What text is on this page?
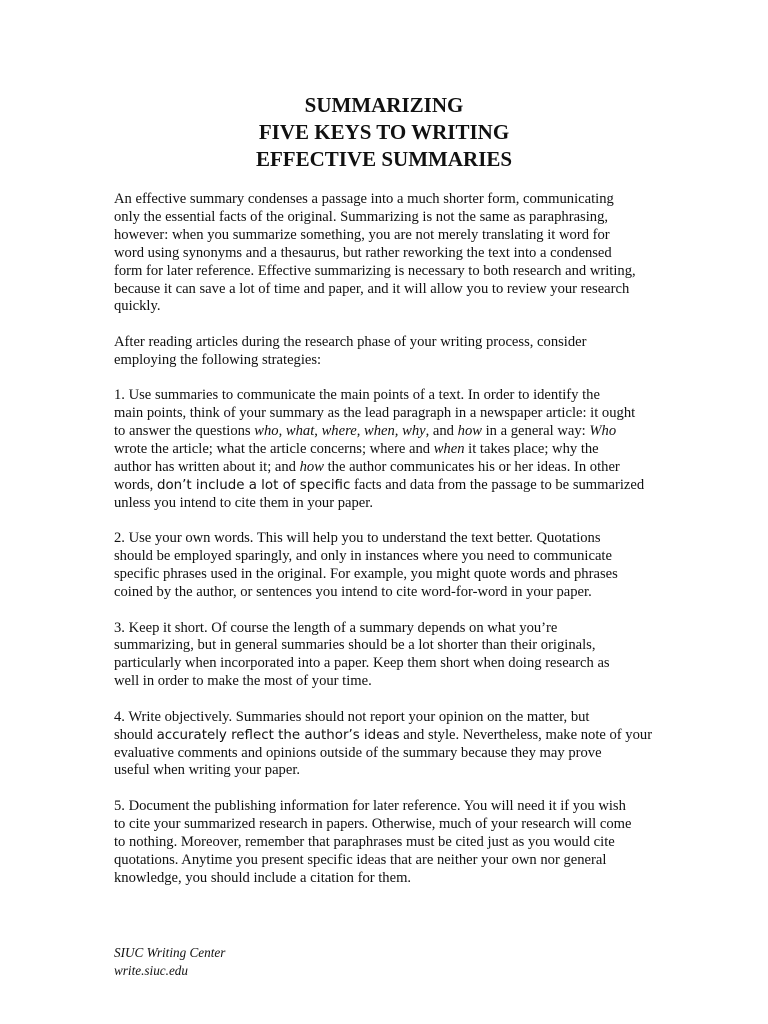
SUMMARIZING
FIVE KEYS TO WRITING
EFFECTIVE SUMMARIES
An effective summary condenses a passage into a much shorter form, communicating
only the essential facts of the original. Summarizing is not the same as paraphrasing,
however: when you summarize something, you are not merely translating it word for
word using synonyms and a thesaurus, but rather reworking the text into a condensed
form for later reference. Effective summarizing is necessary to both research and writing,
because it can save a lot of time and paper, and it will allow you to review your research
quickly.
After reading articles during the research phase of your writing process, consider
employing the following strategies:
1. Use summaries to communicate the main points of a text. In order to identify the
main points, think of your summary as the lead paragraph in a newspaper article: it ought
to answer the questions who, what, where, when, why, and how in a general way: Who
wrote the article; what the article concerns; where and when it takes place; why the
author has written about it; and how the author communicates his or her ideas. In other
words, don’t include a lot of specific facts and data from the passage to be summarized
unless you intend to cite them in your paper.
2. Use your own words. This will help you to understand the text better. Quotations
should be employed sparingly, and only in instances where you need to communicate
specific phrases used in the original. For example, you might quote words and phrases
coined by the author, or sentences you intend to cite word-for-word in your paper.
3. Keep it short. Of course the length of a summary depends on what you’re
summarizing, but in general summaries should be a lot shorter than their originals,
particularly when incorporated into a paper. Keep them short when doing research as
well in order to make the most of your time.
4. Write objectively. Summaries should not report your opinion on the matter, but
should accurately reflect the author’s ideas and style. Nevertheless, make note of your
evaluative comments and opinions outside of the summary because they may prove
useful when writing your paper.
5. Document the publishing information for later reference. You will need it if you wish
to cite your summarized research in papers. Otherwise, much of your research will come
to nothing. Moreover, remember that paraphrases must be cited just as you would cite
quotations. Anytime you present specific ideas that are neither your own nor general
knowledge, you should include a citation for them.
SIUC Writing Center
write.siuc.edu
